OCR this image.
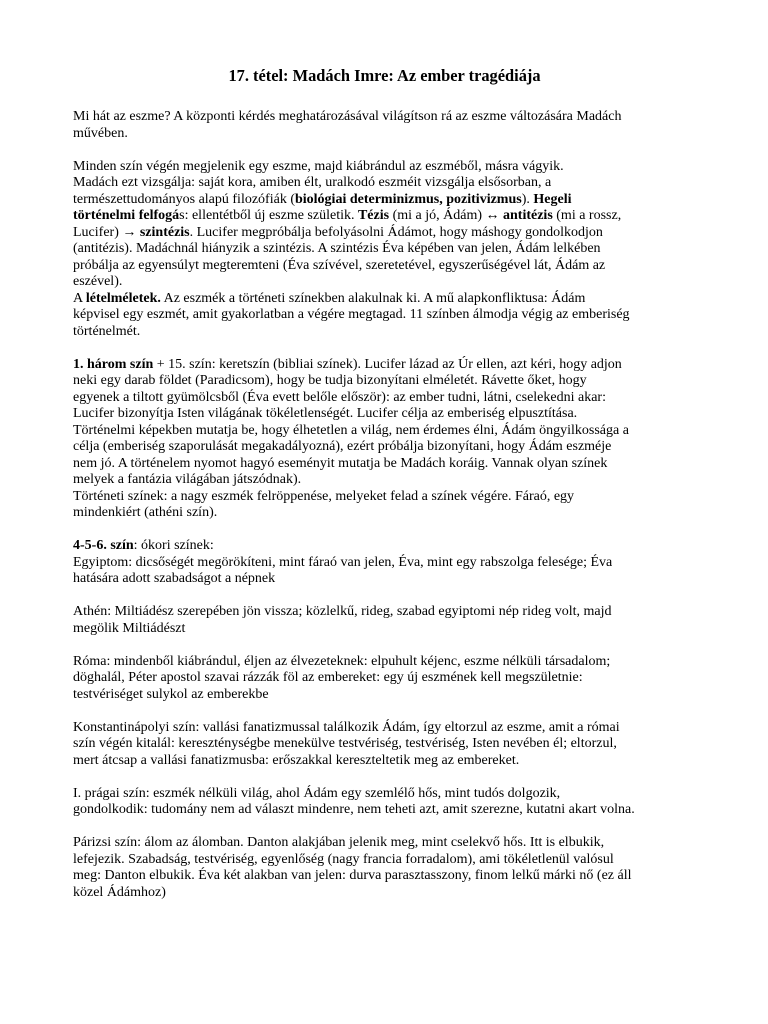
17. tétel: Madách Imre: Az ember tragédiája

Mi hát az eszme? A központi kérdés meghatározásával világítson rá az eszme változására Madách
művében.

Minden szín végén megjelenik egy eszme, majd kiábrándul az eszméből, másra vágyik.
Madách ezt vizsgálja: saját kora, amiben élt, uralkodó eszméit vizsgálja elsősorban, a
természettudományos alapú filozófiák (biológiai determinizmus, pozitivizmus). Hegeli
történelmi felfogás: ellentétből új eszme születik. Tézis (mi a jó, Ádám) ↔ antitézis (mi a rossz,
Lucifer) → szintézis. Lucifer megpróbálja befolyásolni Ádámot, hogy máshogy gondolkodjon
(antitézis). Madáchnál hiányzik a szintézis. A szintézis Éva képében van jelen, Ádám lelkében
próbálja az egyensúlyt megteremteni (Éva szívével, szeretetével, egyszerűségével lát, Ádám az
eszével).
A lételméletek. Az eszmék a történeti színekben alakulnak ki. A mű alapkonfliktusa: Ádám
képvisel egy eszmét, amit gyakorlatban a végére megtagad. 11 színben álmodja végig az emberiség
történelmét.

1. három szín + 15. szín: keretszín (bibliai színek). Lucifer lázad az Úr ellen, azt kéri, hogy adjon
neki egy darab földet (Paradicsom), hogy be tudja bizonyítani elméletét. Rávette őket, hogy
egyenek a tiltott gyümölcsből (Éva evett belőle először): az ember tudni, látni, cselekedni akar:
Lucifer bizonyítja Isten világának tökéletlenségét. Lucifer célja az emberiség elpusztítása.
Történelmi képekben mutatja be, hogy élhetetlen a világ, nem érdemes élni, Ádám öngyilkossága a
célja (emberiség szaporulását megakadályozná), ezért próbálja bizonyítani, hogy Ádám eszméje
nem jó. A történelem nyomot hagyó eseményit mutatja be Madách koráig. Vannak olyan színek
melyek a fantázia világában játszódnak).
Történeti színek: a nagy eszmék felröppenése, melyeket felad a színek végére. Fáraó, egy
mindenkiért (athéni szín).

4-5-6. szín: ókori színek:
Egyiptom: dicsőségét megörökíteni, mint fáraó van jelen, Éva, mint egy rabszolga felesége; Éva
hatására adott szabadságot a népnek

Athén: Miltiádész szerepében jön vissza; közlelkű, rideg, szabad egyiptomi nép rideg volt, majd
megölik Miltiádészt

Róma: mindenből kiábrándul, éljen az élvezeteknek: elpuhult kéjenc, eszme nélküli társadalom;
döghalál, Péter apostol szavai rázzák föl az embereket: egy új eszmének kell megszületnie:
testvériséget sulykol az emberekbe

Konstantinápolyi szín: vallási fanatizmussal találkozik Ádám, így eltorzul az eszme, amit a római
szín végén kitalál: kereszténységbe menekülve testvériség, testvériség, Isten nevében él; eltorzul,
mert átcsap a vallási fanatizmusba: erőszakkal kereszteltetik meg az embereket.

I. prágai szín: eszmék nélküli világ, ahol Ádám egy szemlélő hős, mint tudós dolgozik,
gondolkodik: tudomány nem ad választ mindenre, nem teheti azt, amit szerezne, kutatni akart volna.

Párizsi szín: álom az álomban. Danton alakjában jelenik meg, mint cselekvő hős. Itt is elbukik,
lefejezik. Szabadság, testvériség, egyenlőség (nagy francia forradalom), ami tökéletlenül valósul
meg: Danton elbukik. Éva két alakban van jelen: durva parasztasszony, finom lelkű márki nő (ez áll
közel Ádámhoz)
